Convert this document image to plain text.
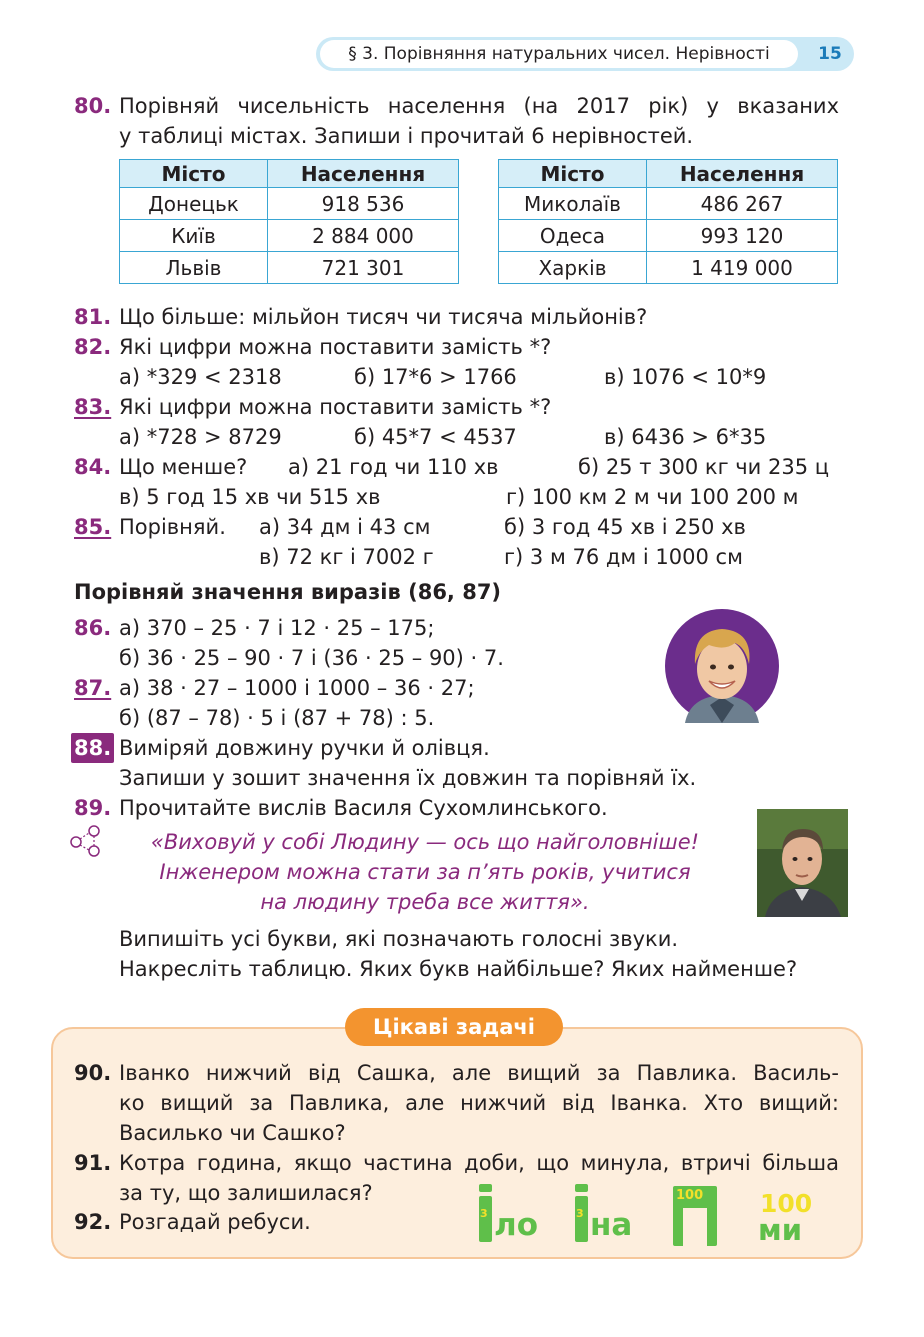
§ 3. Порівняння натуральних чисел. Нерівності	15
80. Порівняй чисельність населення (на 2017 рік) у вказаних
у таблиці містах. Запиши і прочитай 6 нерівностей.
Місто	Населення
Донецьк	918 536
Київ	2 884 000
Львів	721 301
Місто	Населення
Миколаїв	486 267
Одеса	993 120
Харків	1 419 000
81. Що більше: мільйон тисяч чи тисяча мільйонів?
82. Які цифри можна поставити замість *?
а) *329 < 2318	б) 17*6 > 1766	в) 1076 < 10*9
83. Які цифри можна поставити замість *?
а) *728 > 8729	б) 45*7 < 4537	в) 6436 > 6*35
84. Що менше? а) 21 год чи 110 хв	б) 25 т 300 кг чи 235 ц
в) 5 год 15 хв чи 515 хв	г) 100 км 2 м чи 100 200 м
85. Порівняй. а) 34 дм і 43 см	б) 3 год 45 хв і 250 хв
в) 72 кг і 7002 г	г) 3 м 76 дм і 1000 см
Порівняй значення виразів (86, 87)
86. а) 370 – 25 · 7 і 12 · 25 – 175;
б) 36 · 25 – 90 · 7 і (36 · 25 – 90) · 7.
87. а) 38 · 27 – 1000 і 1000 – 36 · 27;
б) (87 – 78) · 5 і (87 + 78) : 5.
88. Виміряй довжину ручки й олівця.
Запиши у зошит значення їх довжин та порівняй їх.
89. Прочитайте вислів Василя Сухомлинського.
«Виховуй у собі Людину — ось що найголовніше!
Інженером можна стати за п’ять років, учитися
на людину треба все життя».
Випишіть усі букви, які позначають голосні звуки.
Накресліть таблицю. Яких букв найбільше? Яких найменше?
Цікаві задачі
90. Іванко нижчий від Сашка, але вищий за Павлика. Василь-
ко вищий за Павлика, але нижчий від Іванка. Хто вищий:
Василько чи Сашко?
91. Котра година, якщо частина доби, що минула, втричі більша
за ту, що залишилася?
92. Розгадай ребуси.	3 ло	3 на
100 100
ми
